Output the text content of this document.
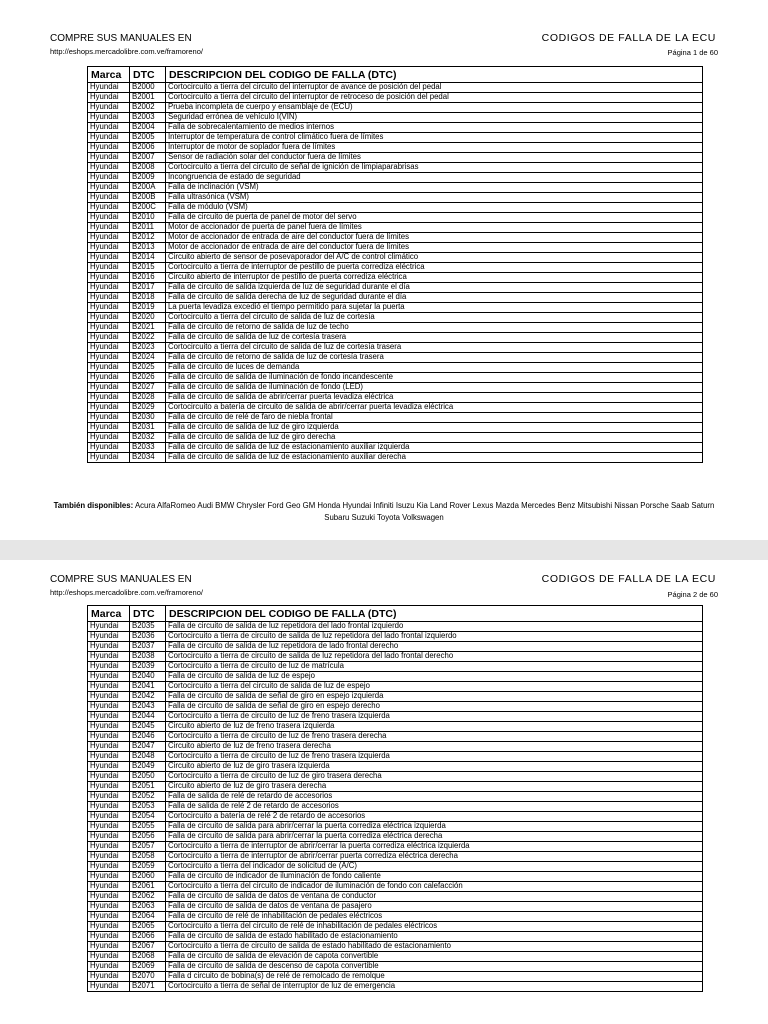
COMPRE SUS MANUALES EN
http://eshops.mercadolibre.com.ve/framoreno/
CODIGOS DE FALLA DE LA ECU
Página 1 de 60
Marca	DTC	DESCRIPCION DEL CODIGO DE FALLA (DTC)
Hyundai	B2000	Cortocircuito a tierra del circuito del interruptor de avance de posición del pedal
Hyundai	B2001	Cortocircuito a tierra del circuito del interruptor de retroceso de posición del pedal
Hyundai	B2002	Prueba incompleta de cuerpo y ensamblaje de (ECU)
Hyundai	B2003	Seguridad errónea de vehículo I(VIN)
Hyundai	B2004	Falla de sobrecalentamiento de medios internos
Hyundai	B2005	Interruptor de temperatura de control climático fuera de límites
Hyundai	B2006	Interruptor de motor de soplador fuera de límites
Hyundai	B2007	Sensor de radiación solar del conductor fuera de límites
Hyundai	B2008	Cortocircuito a tierra del circuito de señal de ignición de limpiaparabrisas
Hyundai	B2009	Incongruencia de estado de seguridad
Hyundai	B200A	Falla de inclinación (VSM)
Hyundai	B200B	Falla ultrasónica (VSM)
Hyundai	B200C	Falla de módulo (VSM)
Hyundai	B2010	Falla de circuito de puerta de panel de motor del servo
Hyundai	B2011	Motor de accionador de puerta de panel fuera de límites
Hyundai	B2012	Motor de accionador de entrada de aire del conductor fuera de límites
Hyundai	B2013	Motor de accionador de entrada de aire del conductor fuera de límites
Hyundai	B2014	Circuito abierto de sensor de posevaporador del A/C de control climático
Hyundai	B2015	Cortocircuito a tierra de interruptor de pestillo de puerta corrediza eléctrica
Hyundai	B2016	Circuito abierto de interruptor de pestillo de puerta corrediza eléctrica
Hyundai	B2017	Falla de circuito de salida izquierda de luz de seguridad durante el día
Hyundai	B2018	Falla de circuito de salida derecha de luz de seguridad durante el día
Hyundai	B2019	La puerta levadiza excedió el tiempo permitido para sujetar la puerta
Hyundai	B2020	Cortocircuito a tierra del circuito de salida de luz de cortesía
Hyundai	B2021	Falla de circuito de retorno de salida de luz de techo
Hyundai	B2022	Falla de circuito de salida de luz de cortesía trasera
Hyundai	B2023	Cortocircuito a tierra del circuito de salida de luz de cortesía trasera
Hyundai	B2024	Falla de circuito de retorno de salida de luz de cortesía trasera
Hyundai	B2025	Falla de circuito de luces de demanda
Hyundai	B2026	Falla de circuito de salida de iluminación de fondo incandescente
Hyundai	B2027	Falla de circuito de salida de iluminación de fondo (LED)
Hyundai	B2028	Falla de circuito de salida de abrir/cerrar puerta levadiza eléctrica
Hyundai	B2029	Cortocircuito a batería de circuito de salida de abrir/cerrar puerta levadiza eléctrica
Hyundai	B2030	Falla de circuito de relé de faro de niebla frontal
Hyundai	B2031	Falla de circuito de salida de luz de giro izquierda
Hyundai	B2032	Falla de circuito de salida de luz de giro derecha
Hyundai	B2033	Falla de circuito de salida de luz de estacionamiento auxiliar izquierda
Hyundai	B2034	Falla de circuito de salida de luz de estacionamiento auxiliar derecha
También disponibles: Acura AlfaRomeo Audi BMW Chrysler Ford Geo GM Honda Hyundai Infiniti Isuzu Kia Land Rover Lexus Mazda Mercedes Benz Mitsubishi Nissan Porsche Saab Saturn Subaru Suzuki Toyota Volkswagen
COMPRE SUS MANUALES EN
http://eshops.mercadolibre.com.ve/framoreno/
CODIGOS DE FALLA DE LA ECU
Página 2 de 60
Marca	DTC	DESCRIPCION DEL CODIGO DE FALLA (DTC)
Hyundai	B2035	Falla de circuito de salida de luz repetidora del lado frontal izquierdo
Hyundai	B2036	Cortocircuito a tierra de circuito de salida de luz repetidora del lado frontal izquierdo
Hyundai	B2037	Falla de circuito de salida de luz repetidora de lado frontal derecho
Hyundai	B2038	Cortocircuito a tierra de circuito de salida de luz repetidora del lado frontal derecho
Hyundai	B2039	Cortocircuito a tierra de circuito de luz de matrícula
Hyundai	B2040	Falla de circuito de salida de luz de espejo
Hyundai	B2041	Cortocircuito a tierra del circuito de salida de luz de espejo
Hyundai	B2042	Falla de circuito de salida de señal de giro en espejo izquierda
Hyundai	B2043	Falla de circuito de salida de señal de giro en espejo derecho
Hyundai	B2044	Cortocircuito a tierra de circuito de luz de freno trasera izquierda
Hyundai	B2045	Circuito abierto de luz de freno trasera izquierda
Hyundai	B2046	Cortocircuito a tierra de circuito de luz de freno trasera derecha
Hyundai	B2047	Circuito abierto de luz de freno trasera derecha
Hyundai	B2048	Cortocircuito a tierra de circuito de luz de freno trasera izquierda
Hyundai	B2049	Circuito abierto de luz de giro trasera izquierda
Hyundai	B2050	Cortocircuito a tierra de circuito de luz de giro trasera derecha
Hyundai	B2051	Circuito abierto de luz de giro trasera derecha
Hyundai	B2052	Falla de salida de relé de retardo de accesorios
Hyundai	B2053	Falla de salida de relé 2 de retardo de accesorios
Hyundai	B2054	Cortocircuito a batería de relé 2 de retardo de accesorios
Hyundai	B2055	Falla de circuito de salida para abrir/cerrar la puerta corrediza eléctrica izquierda
Hyundai	B2056	Falla de circuito de salida para abrir/cerrar la puerta corrediza eléctrica derecha
Hyundai	B2057	Cortocircuito a tierra de interruptor de abrir/cerrar la puerta corrediza eléctrica izquierda
Hyundai	B2058	Cortocircuito a tierra de interruptor de abrir/cerrar puerta corrediza eléctrica derecha
Hyundai	B2059	Cortocircuito a tierra del indicador de solicitud de (A/C)
Hyundai	B2060	Falla de circuito de indicador de iluminación de fondo caliente
Hyundai	B2061	Cortocircuito a tierra del circuito de indicador de iluminación de fondo con calefacción
Hyundai	B2062	Falla de circuito de salida de datos de ventana de conductor
Hyundai	B2063	Falla de circuito de salida de datos de ventana de pasajero
Hyundai	B2064	Falla de circuito de relé de inhabilitación de pedales eléctricos
Hyundai	B2065	Cortocircuito a tierra del circuito de relé de inhabilitación de pedales eléctricos
Hyundai	B2066	Falla de circuito de salida de estado habilitado de estacionamiento
Hyundai	B2067	Cortocircuito a tierra de circuito de salida de estado habilitado de estacionamiento
Hyundai	B2068	Falla de circuito de salida de elevación de capota convertible
Hyundai	B2069	Falla de circuito de salida de descenso de capota convertible
Hyundai	B2070	Falla d circuito de bobina(s) de relé de remolcado de remolque
Hyundai	B2071	Cortocircuito a tierra de señal de interruptor de luz de emergencia
